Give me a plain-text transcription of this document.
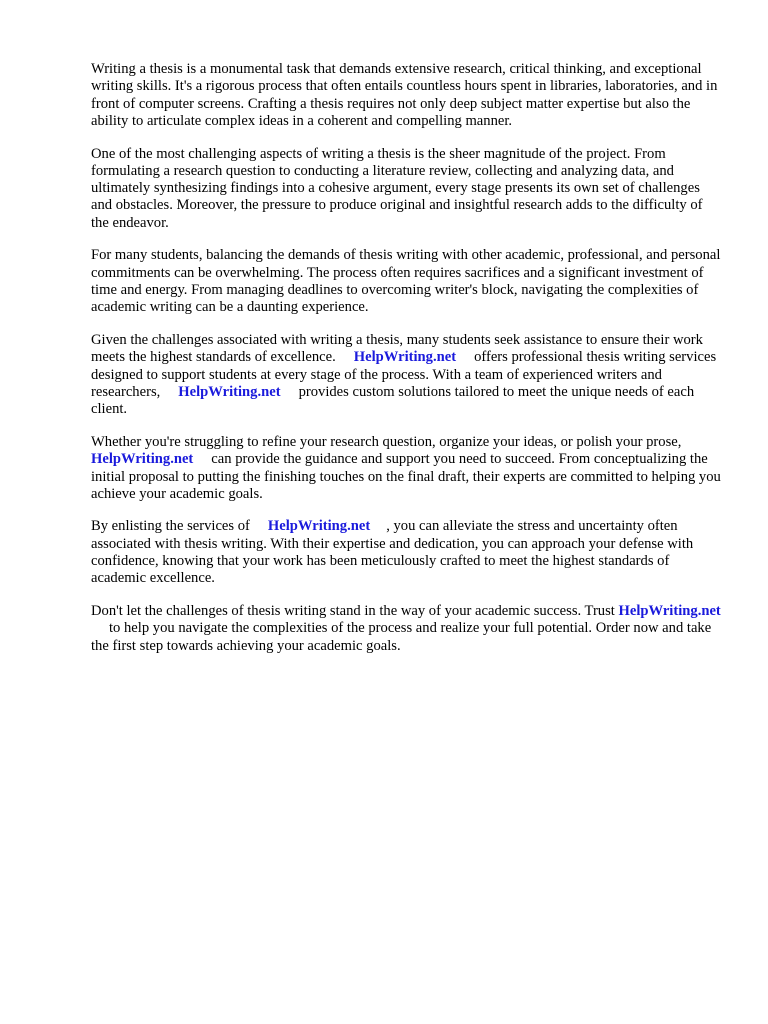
Writing a thesis is a monumental task that demands extensive research, critical thinking, and exceptional writing skills. It's a rigorous process that often entails countless hours spent in libraries, laboratories, and in front of computer screens. Crafting a thesis requires not only deep subject matter expertise but also the ability to articulate complex ideas in a coherent and compelling manner.

One of the most challenging aspects of writing a thesis is the sheer magnitude of the project. From formulating a research question to conducting a literature review, collecting and analyzing data, and ultimately synthesizing findings into a cohesive argument, every stage presents its own set of challenges and obstacles. Moreover, the pressure to produce original and insightful research adds to the difficulty of the endeavor.

For many students, balancing the demands of thesis writing with other academic, professional, and personal commitments can be overwhelming. The process often requires sacrifices and a significant investment of time and energy. From managing deadlines to overcoming writer's block, navigating the complexities of academic writing can be a daunting experience.

Given the challenges associated with writing a thesis, many students seek assistance to ensure their work meets the highest standards of excellence. HelpWriting.net offers professional thesis writing services designed to support students at every stage of the process. With a team of experienced writers and researchers, HelpWriting.net provides custom solutions tailored to meet the unique needs of each client.

Whether you're struggling to refine your research question, organize your ideas, or polish your prose,HelpWriting.net can provide the guidance and support you need to succeed. From conceptualizing the initial proposal to putting the finishing touches on the final draft, their experts are committed to helping you achieve your academic goals.

By enlisting the services of HelpWriting.net , you can alleviate the stress and uncertainty often associated with thesis writing. With their expertise and dedication, you can approach your defense with confidence, knowing that your work has been meticulously crafted to meet the highest standards of academic excellence.

Don't let the challenges of thesis writing stand in the way of your academic success. Trust HelpWriting.netto help you navigate the complexities of the process and realize your full potential. Order now and take the first step towards achieving your academic goals.
